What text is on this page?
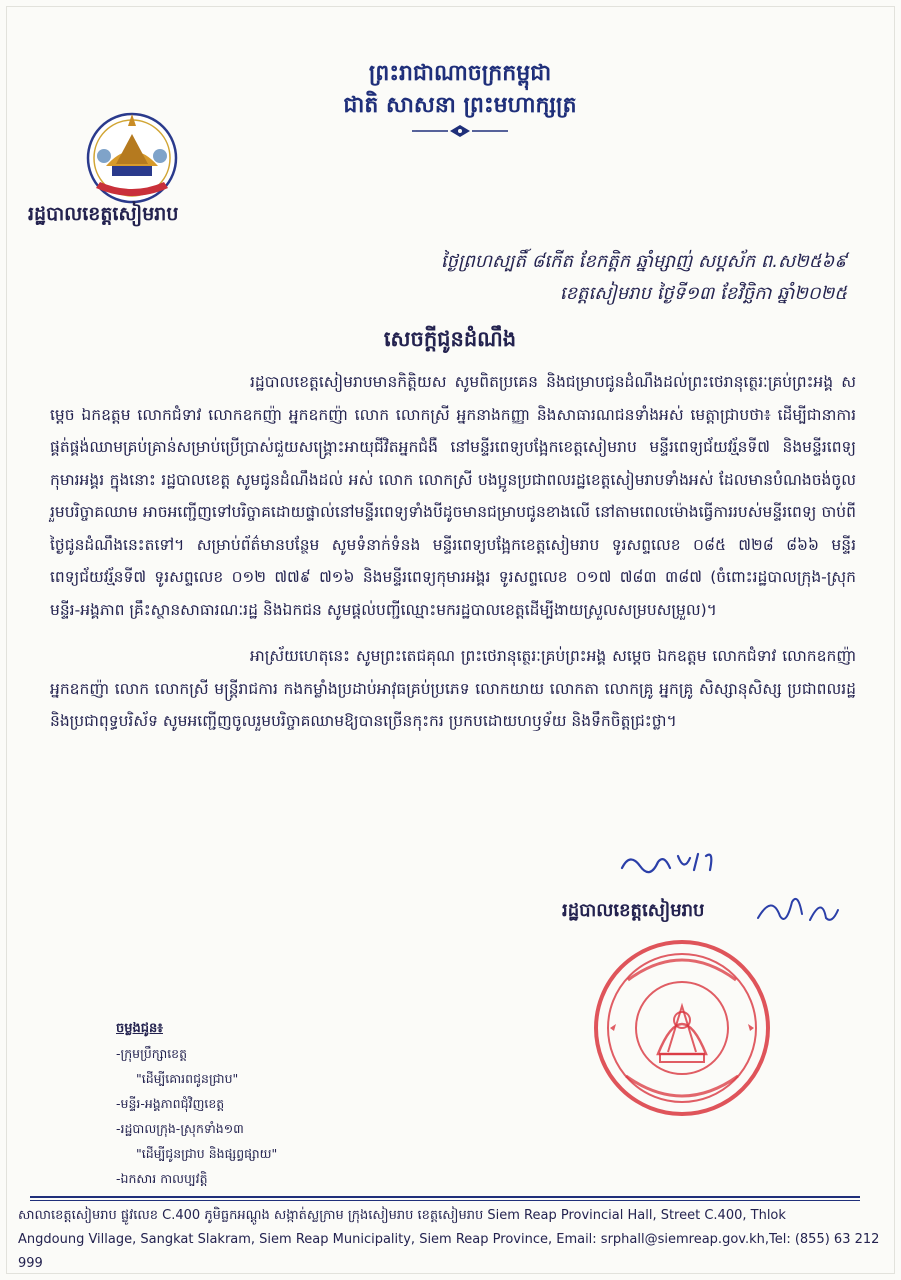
ព្រះរាជាណាចក្រកម្ពុជា
ជាតិ សាសនា ព្រះមហាក្សត្រ
រដ្ឋបាលខេត្តសៀមរាប
ថ្ងៃព្រហស្បតិ៍ ៨កើត ខែកត្ដិក ឆ្នាំម្សាញ់ សប្ដស័ក ព.ស២៥៦៩
ខេត្តសៀមរាប ថ្ងៃទី១៣ ខែវិច្ឆិកា ឆ្នាំ២០២៥
សេចក្តីជូនដំណឹង

រដ្ឋបាលខេត្តសៀមរាបមានកិត្តិយស សូមពិតប្រគេន និងជម្រាបជូនដំណឹងដល់ព្រះថេរានុត្ថេរៈគ្រប់ព្រះអង្គ សម្តេច ឯកឧត្តម លោកជំទាវ លោកឧកញ៉ា អ្នកឧកញ៉ា លោក លោកស្រី អ្នកនាងកញ្ញា និងសាធារណជនទាំងអស់ មេត្តាជ្រាបថា៖ ដើម្បីជានាការផ្គត់ផ្គង់ឈាមគ្រប់គ្រាន់សម្រាប់ប្រើប្រាស់ជួយសង្គ្រោះអាយុជីវិតអ្នកជំងឺ នៅមន្ទីរពេទ្យបង្អែកខេត្តសៀមរាប មន្ទីរពេទ្យជ័យវរ្ម័នទី៧ និងមន្ទីរពេទ្យកុមារអង្គរ ក្នុងនោះ រដ្ឋបាលខេត្ត សូមជូនដំណឹងដល់ អស់ លោក លោកស្រី បងប្អូនប្រជាពលរដ្ឋខេត្តសៀមរាបទាំងអស់ ដែលមានបំណងចង់ចូលរួមបរិច្ចាគឈាម អាចអញ្ជើញទៅបរិច្ចាគដោយផ្ទាល់នៅមន្ទីរពេទ្យទាំងបីដូចមានជម្រាបជូនខាងលើ នៅតាមពេលម៉ោងធ្វើការរបស់មន្ទីរពេទ្យ ចាប់ពីថ្ងៃជូនដំណឹងនេះតទៅ។ សម្រាប់ព័ត៌មានបន្ថែម សូមទំនាក់ទំនង មន្ទីរពេទ្យបង្អែកខេត្តសៀមរាប ទូរសព្ទលេខ ០៨៥ ៧២៨ ៨៦៦ មន្ទីរពេទ្យជ័យវរ្ម័នទី៧ ទូរសព្ទលេខ ០១២ ៧៧៩ ៧១៦ និងមន្ទីរពេទ្យកុមារអង្គរ ទូរសព្ទលេខ ០១៧ ៧៨៣ ៣៨៧ (ចំពោះរដ្ឋបាលក្រុង-ស្រុក មន្ទីរ-អង្គភាព គ្រឹះស្ថានសាធារណៈរដ្ឋ និងឯកជន សូមផ្តល់បញ្ជីឈ្មោះមករដ្ឋបាលខេត្តដើម្បីងាយស្រួលសម្របសម្រួល)។

អាស្រ័យហេតុនេះ សូមព្រះតេជគុណ ព្រះថេរានុត្ថេរៈគ្រប់ព្រះអង្គ សម្តេច ឯកឧត្តម លោកជំទាវ លោកឧកញ៉ា អ្នកឧកញ៉ា លោក លោកស្រី មន្ត្រីរាជការ កងកម្លាំងប្រដាប់អាវុធគ្រប់ប្រភេទ លោកយាយ លោកតា លោកគ្រូ អ្នកគ្រូ សិស្សានុសិស្ស ប្រជាពលរដ្ឋ និងប្រជាពុទ្ធបរិស័ទ សូមអញ្ជើញចូលរួមបរិច្ចាគឈាមឱ្យបានច្រើនកុះករ ប្រកបដោយហឫទ័យ និងទឹកចិត្តជ្រះថ្លា។

រដ្ឋបាលខេត្តសៀមរាប
ចម្លងជូន៖
-ក្រុមប្រឹក្សាខេត្ត
"ដើម្បីគោរពជូនជ្រាប"
-មន្ទីរ-អង្គភាពជុំវិញខេត្ត
-រដ្ឋបាលក្រុង-ស្រុកទាំង១៣
"ដើម្បីជូនជ្រាប និងផ្សព្វផ្សាយ"
-ឯកសារ កាលប្បវត្តិ
សាលាខេត្តសៀមរាប ផ្លូវលេខ C.400 ភូមិធ្លកអណ្តូង សង្កាត់ស្លក្រាម ក្រុងសៀមរាប ខេត្តសៀមរាប Siem Reap Provincial Hall, Street C.400, Thlok
Angdoung Village, Sangkat Slakram, Siem Reap Municipality, Siem Reap Province, Email: srphall@siemreap.gov.kh,Tel: (855) 63 212 999
